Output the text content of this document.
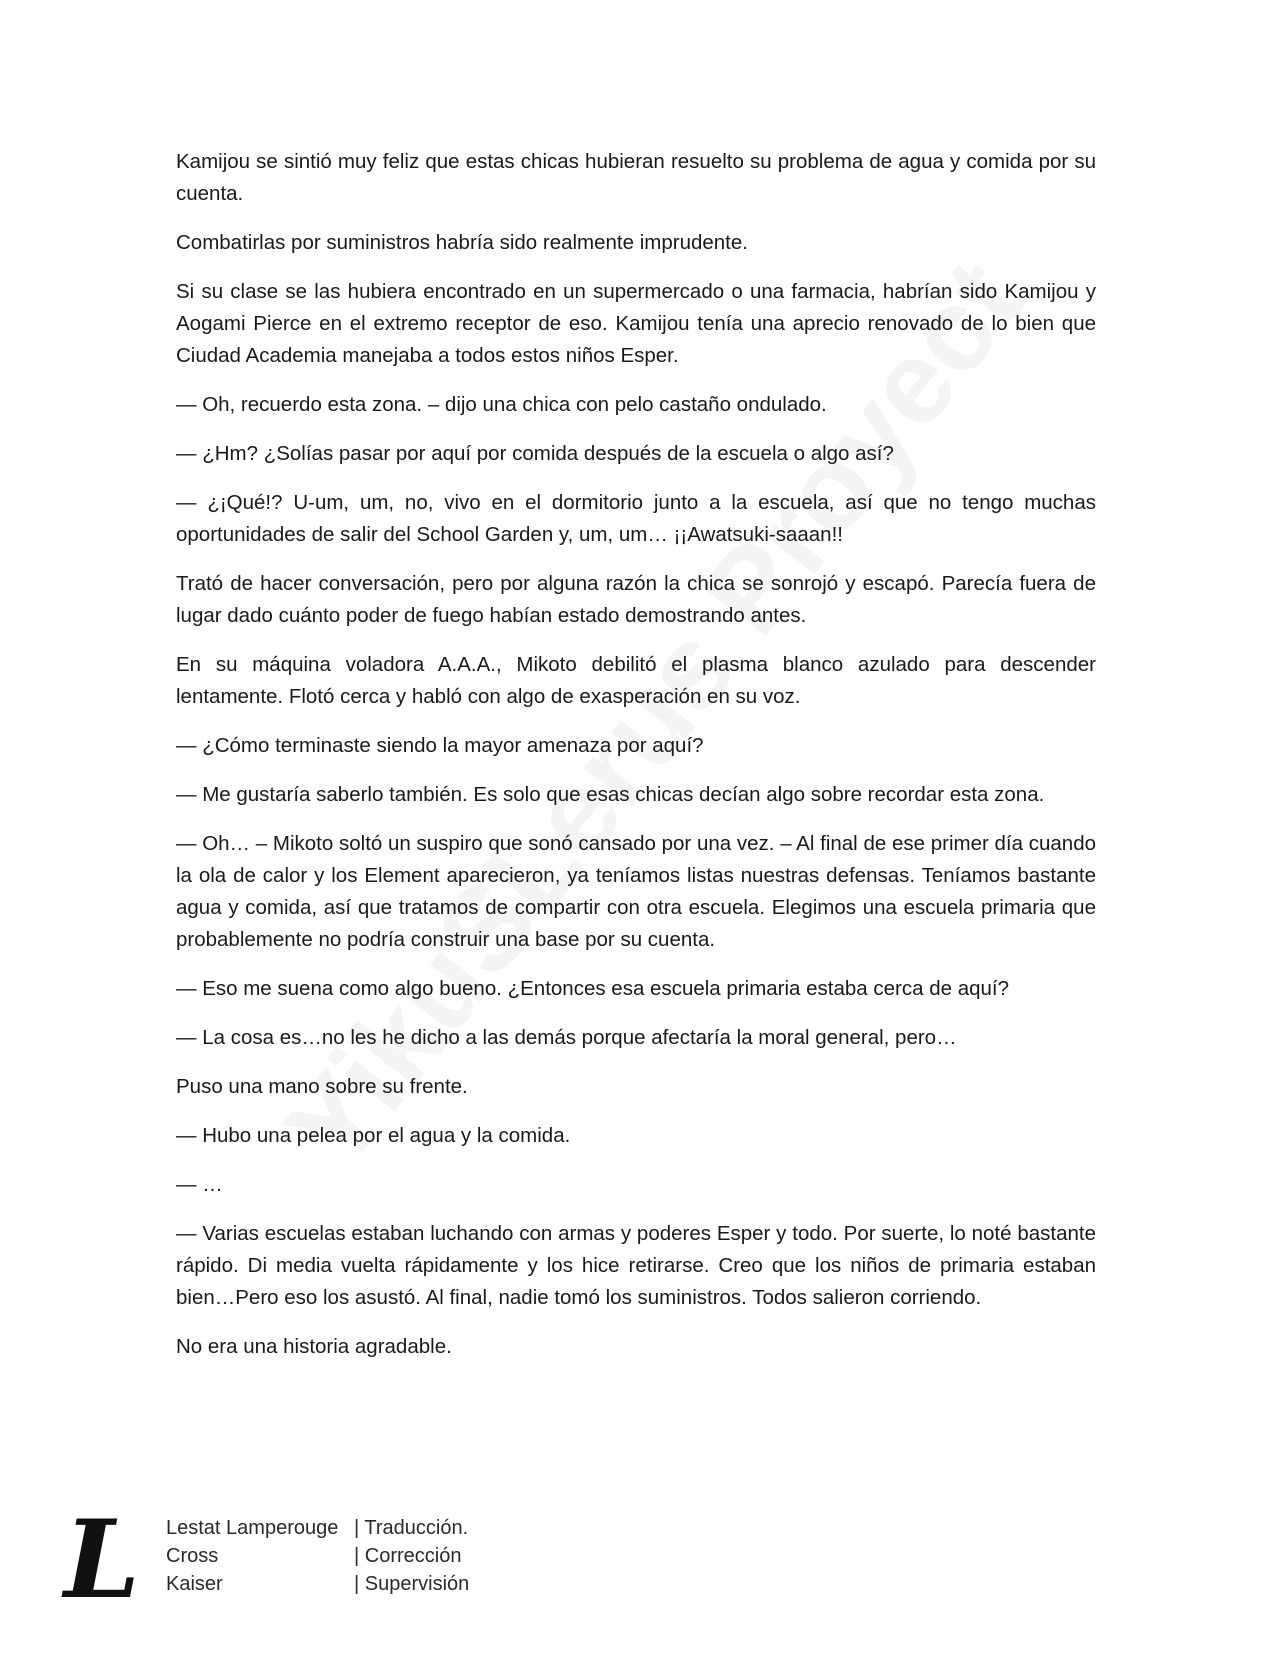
Kamijou se sintió muy feliz que estas chicas hubieran resuelto su problema de agua y comida por su cuenta.

Combatirlas por suministros habría sido realmente imprudente.

Si su clase se las hubiera encontrado en un supermercado o una farmacia, habrían sido Kamijou y Aogami Pierce en el extremo receptor de eso. Kamijou tenía una aprecio renovado de lo bien que Ciudad Academia manejaba a todos estos niños Esper.

— Oh, recuerdo esta zona. – dijo una chica con pelo castaño ondulado.

— ¿Hm? ¿Solías pasar por aquí por comida después de la escuela o algo así?

— ¿¡Qué!? U-um, um, no, vivo en el dormitorio junto a la escuela, así que no tengo muchas oportunidades de salir del School Garden y, um, um… ¡¡Awatsuki-saaan!!

Trató de hacer conversación, pero por alguna razón la chica se sonrojó y escapó. Parecía fuera de lugar dado cuánto poder de fuego habían estado demostrando antes.

En su máquina voladora A.A.A., Mikoto debilitó el plasma blanco azulado para descender lentamente. Flotó cerca y habló con algo de exasperación en su voz.

— ¿Cómo terminaste siendo la mayor amenaza por aquí?

— Me gustaría saberlo también. Es solo que esas chicas decían algo sobre recordar esta zona.

— Oh… – Mikoto soltó un suspiro que sonó cansado por una vez. – Al final de ese primer día cuando la ola de calor y los Element aparecieron, ya teníamos listas nuestras defensas. Teníamos bastante agua y comida, así que tratamos de compartir con otra escuela. Elegimos una escuela primaria que probablemente no podría construir una base por su cuenta.

— Eso me suena como algo bueno. ¿Entonces esa escuela primaria estaba cerca de aquí?

— La cosa es…no les he dicho a las demás porque afectaría la moral general, pero…

Puso una mano sobre su frente.

— Hubo una pelea por el agua y la comida.

— …

— Varias escuelas estaban luchando con armas y poderes Esper y todo. Por suerte, lo noté bastante rápido. Di media vuelta rápidamente y los hice retirarse. Creo que los niños de primaria estaban bien…Pero eso los asustó. Al final, nadie tomó los suministros. Todos salieron corriendo.

No era una historia agradable.

L Lestat Lamperouge | Traducción.
Cross	| Corrección
Kaiser	| Supervisión
